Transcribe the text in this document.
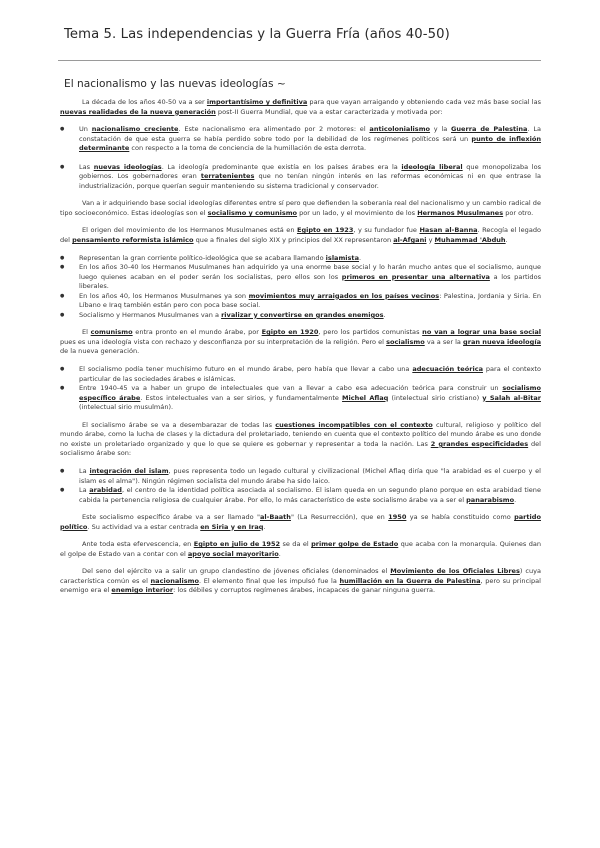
Tema 5. Las independencias y la Guerra Fría (años 40-50)
El nacionalismo y las nuevas ideologías ~

La década de los años 40-50 va a ser importantísimo y definitiva para que vayan arraigando y obteniendo cada vez más base social las nuevas realidades de la nueva generación post-II Guerra Mundial, que va a estar caracterizada y motivada por:

● Un nacionalismo creciente. Este nacionalismo era alimentado por 2 motores: el anticolonialismo y la Guerra de Palestina. La constatación de que esta guerra se había perdido sobre todo por la debilidad de los regímenes políticos será un punto de inflexión determinante con respecto a la toma de conciencia de la humillación de esta derrota.
● Las nuevas ideologías. La ideología predominante que existía en los países árabes era la ideología liberal que monopolizaba los gobiernos. Los gobernadores eran terratenientes que no tenían ningún interés en las reformas económicas ni en que entrase la industrialización, porque querían seguir manteniendo su sistema tradicional y conservador.

Van a ir adquiriendo base social ideologías diferentes entre sí pero que defienden la soberanía real del nacionalismo y un cambio radical de tipo socioeconómico. Estas ideologías son el socialismo y comunismo por un lado, y el movimiento de los Hermanos Musulmanes por otro.

El origen del movimiento de los Hermanos Musulmanes está en Egipto en 1923, y su fundador fue Hasan al-Banna. Recogía el legado del pensamiento reformista islámico que a finales del siglo XIX y principios del XX representaron al-Afgani y Muhammad 'Abduh.

● Representan la gran corriente político-ideológica que se acabara llamando islamista.
● En los años 30-40 los Hermanos Musulmanes han adquirido ya una enorme base social y lo harán mucho antes que el socialismo, aunque luego quienes acaban en el poder serán los socialistas, pero ellos son los primeros en presentar una alternativa a los partidos liberales.
● En los años 40, los Hermanos Musulmanes ya son movimientos muy arraigados en los países vecinos: Palestina, Jordania y Siria. En Líbano e Iraq también están pero con poca base social.
● Socialismo y Hermanos Musulmanes van a rivalizar y convertirse en grandes enemigos.

El comunismo entra pronto en el mundo árabe, por Egipto en 1920, pero los partidos comunistas no van a lograr una base social pues es una ideología vista con rechazo y desconfianza por su interpretación de la religión. Pero el socialismo va a ser la gran nueva ideología de la nueva generación.

● El socialismo podía tener muchísimo futuro en el mundo árabe, pero había que llevar a cabo una adecuación teórica para el contexto particular de las sociedades árabes e islámicas.
● Entre 1940-45 va a haber un grupo de intelectuales que van a llevar a cabo esa adecuación teórica para construir un socialismo específico árabe. Estos intelectuales van a ser sirios, y fundamentalmente Michel Aflaq (intelectual sirio cristiano) y Salah al-Bitar (intelectual sirio musulmán).

El socialismo árabe se va a desembarazar de todas las cuestiones incompatibles con el contexto cultural, religioso y político del mundo árabe, como la lucha de clases y la dictadura del proletariado, teniendo en cuenta que el contexto político del mundo árabe es uno donde no existe un proletariado organizado y que lo que se quiere es gobernar y representar a toda la nación. Las 2 grandes especificidades del socialismo árabe son:

● La integración del islam, pues representa todo un legado cultural y civilizacional (Michel Aflaq diría que "la arabidad es el cuerpo y el islam es el alma"). Ningún régimen socialista del mundo árabe ha sido laico.
● La arabidad, el centro de la identidad política asociada al socialismo. El islam queda en un segundo plano porque en esta arabidad tiene cabida la pertenencia religiosa de cualquier árabe. Por ello, lo más característico de este socialismo árabe va a ser el panarabismo.

Este socialismo específico árabe va a ser llamado "al-Baath" (La Resurrección), que en 1950 ya se había constituido como partido político. Su actividad va a estar centrada en Siria y en Iraq.

Ante toda esta efervescencia, en Egipto en julio de 1952 se da el primer golpe de Estado que acaba con la monarquía. Quienes dan el golpe de Estado van a contar con el apoyo social mayoritario.

Del seno del ejército va a salir un grupo clandestino de jóvenes oficiales (denominados el Movimiento de los Oficiales Libres) cuya característica común es el nacionalismo. El elemento final que les impulsó fue la humillación en la Guerra de Palestina, pero su principal enemigo era el enemigo interior: los débiles y corruptos regímenes árabes, incapaces de ganar ninguna guerra.
